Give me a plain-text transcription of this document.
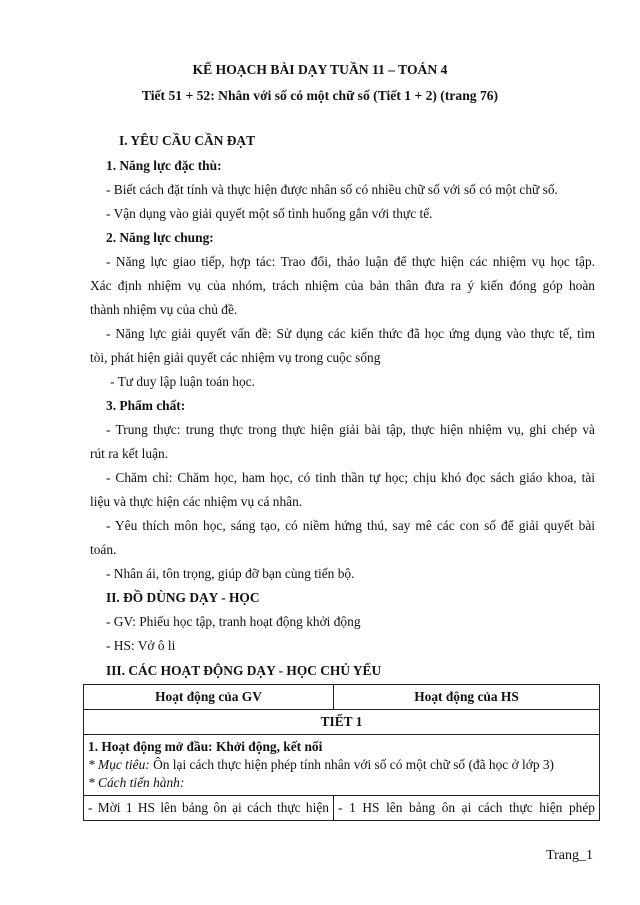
KẾ HOẠCH BÀI DẠY TUẦN 11 – TOÁN 4
Tiết 51 + 52: Nhân với số có một chữ số (Tiết 1 + 2) (trang 76)
I. YÊU CẦU CẦN ĐẠT
1. Năng lực đặc thù:
- Biết cách đặt tính và thực hiện được nhân số có nhiều chữ số với số có một chữ số.
- Vận dụng vào giải quyết một số tình huống gắn với thực tế.
2. Năng lực chung:
- Năng lực giao tiếp, hợp tác: Trao đổi, thảo luận để thực hiện các nhiệm vụ học tập.
Xác định nhiệm vụ của nhóm, trách nhiệm của bản thân đưa ra ý kiến đóng góp hoàn
thành nhiệm vụ của chủ đề.
- Năng lực giải quyết vấn đề: Sử dụng các kiến thức đã học ứng dụng vào thực tế, tìm
tòi, phát hiện giải quyết các nhiệm vụ trong cuộc sống
- Tư duy lập luận toán học.
3. Phẩm chất:
- Trung thực: trung thực trong thực hiện giải bài tập, thực hiện nhiệm vụ, ghi chép và
rút ra kết luận.
- Chăm chỉ: Chăm học, ham học, có tinh thần tự học; chịu khó đọc sách giáo khoa, tài
liệu và thực hiện các nhiệm vụ cá nhân.
- Yêu thích môn học, sáng tạo, có niềm hứng thú, say mê các con số để giải quyết bài
toán.
- Nhân ái, tôn trọng, giúp đỡ bạn cùng tiến bộ.
II. ĐỒ DÙNG DẠY - HỌC
- GV: Phiếu học tập, tranh hoạt động khởi động
- HS: Vở ô li
III. CÁC HOẠT ĐỘNG DẠY - HỌC CHỦ YẾU
Hoạt động của GV	Hoạt động của HS
TIẾT 1	

1. Hoạt động mở đầu: Khởi động, kết nối
* Mục tiêu: Ôn lại cách thực hiện phép tính nhân với số có một chữ số (đã học ở lớp 3)
* Cách tiến hành:	

- Mời 1 HS lên bảng ôn ại cách thực hiện	- 1 HS lên bảng ôn ại cách thực hiện phép
Trang_1
